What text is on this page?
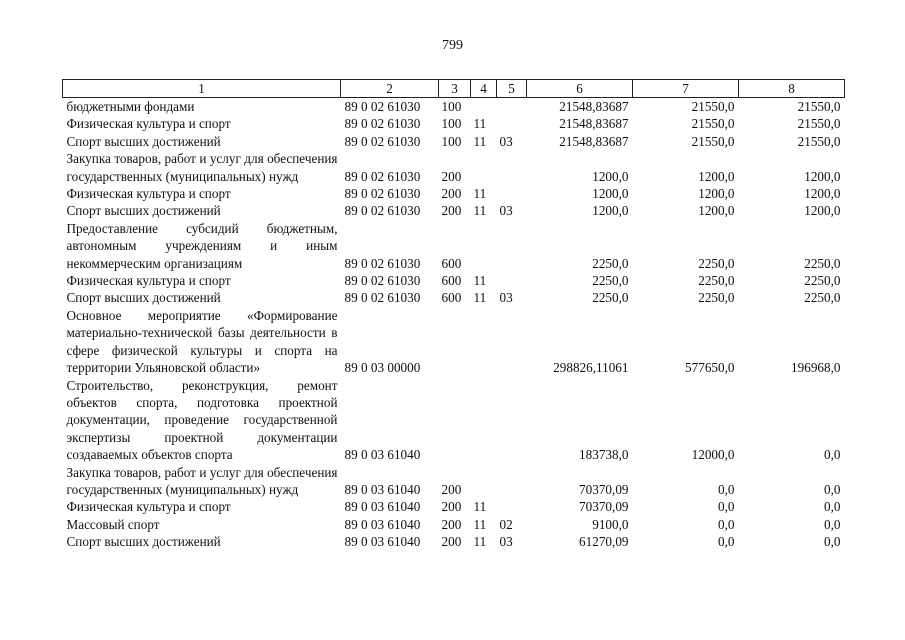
799
1	2	3	4	5	6	7	8
бюджетными фондами	89 0 02 61030	100			21548,83687	21550,0	21550,0
Физическая культура и спорт	89 0 02 61030	100	11		21548,83687	21550,0	21550,0
Спорт высших достижений	89 0 02 61030	100	11	03	21548,83687	21550,0	21550,0
Закупка товаров, работ и услуг для обеспечения государственных (муниципальных) нужд	89 0 02 61030	200			1200,0	1200,0	1200,0
Физическая культура и спорт	89 0 02 61030	200	11		1200,0	1200,0	1200,0
Спорт высших достижений	89 0 02 61030	200	11	03	1200,0	1200,0	1200,0
Предоставление субсидий бюджетным, автономным учреждениям и иным некоммерческим организациям	89 0 02 61030	600			2250,0	2250,0	2250,0
Физическая культура и спорт	89 0 02 61030	600	11		2250,0	2250,0	2250,0
Спорт высших достижений	89 0 02 61030	600	11	03	2250,0	2250,0	2250,0
Основное мероприятие «Формирование материально-технической базы деятельности в сфере физической культуры и спорта на территории Ульяновской области»	89 0 03 00000				298826,11061	577650,0	196968,0
Строительство, реконструкция, ремонт объектов спорта, подготовка проектной документации, проведение государственной экспертизы проектной документации создаваемых объектов спорта	89 0 03 61040				183738,0	12000,0	0,0
Закупка товаров, работ и услуг для обеспечения государственных (муниципальных) нужд	89 0 03 61040	200			70370,09	0,0	0,0
Физическая культура и спорт	89 0 03 61040	200	11		70370,09	0,0	0,0
Массовый спорт	89 0 03 61040	200	11	02	9100,0	0,0	0,0
Спорт высших достижений	89 0 03 61040	200	11	03	61270,09	0,0	0,0
